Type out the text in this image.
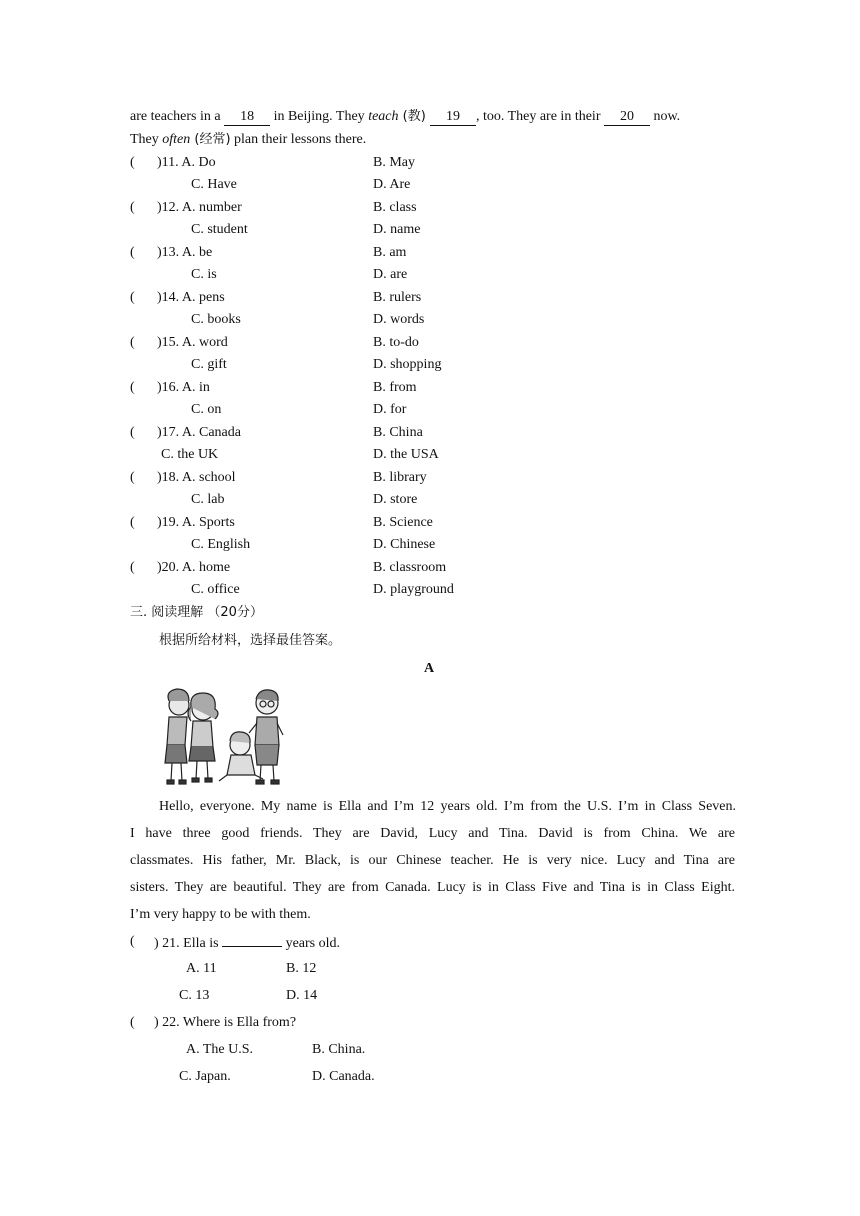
are teachers in a 18 in Beijing. They teach (教) 19 , too. They are in their 20 now.
They often (经常) plan their lessons there.
( )11. A. Do	B. May
C. Have	D. Are
( )12. A. number	B. class
C. student	D. name
( )13. A. be	B. am
C. is	D. are
( )14. A. pens	B. rulers
C. books	D. words
( )15. A. word	B. to-do
C. gift	D. shopping
( )16. A. in	B. from
C. on	D. for
( )17. A. Canada	B. China
C. the UK	D. the USA
( )18. A. school	B. library
C. lab	D. store
( )19. A. Sports	B. Science
C. English	D. Chinese
( )20. A. home	B. classroom
C. office	D. playground
三. 阅读理解 （20分）
根据所给材料，选择最佳答案。
A
Hello, everyone. My name is Ella and I’m 12 years old. I’m from the U.S. I’m in Class Seven.
I have three good friends. They are David, Lucy and Tina. David is from China. We are
classmates. His father, Mr. Black, is our Chinese teacher. He is very nice. Lucy and Tina are
sisters. They are beautiful. They are from Canada. Lucy is in Class Five and Tina is in Class Eight.
I’m very happy to be with them.
( ) 21. Ella is	years old.
A. 11	B. 12
C. 13	D. 14
( ) 22. Where is Ella from?
A. The U.S.	B. China.
C. Japan.	D. Canada.
